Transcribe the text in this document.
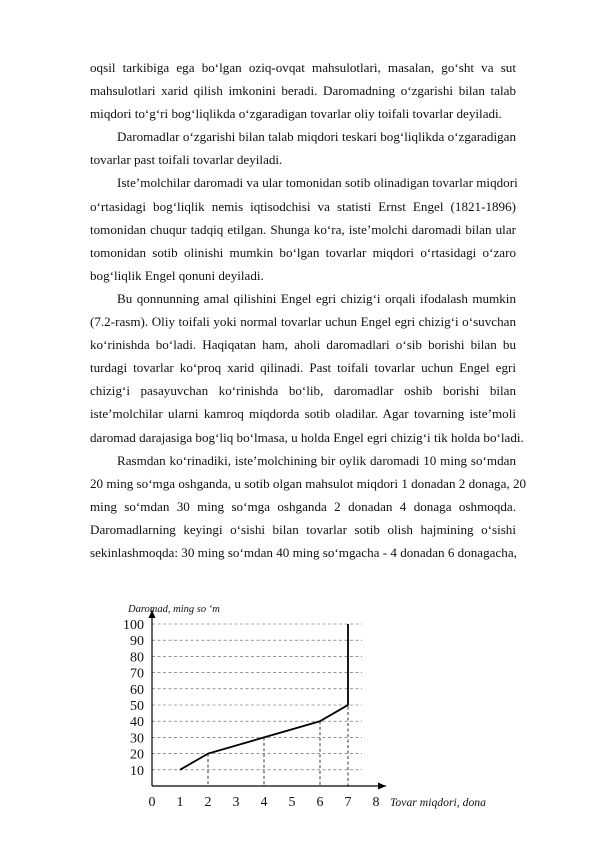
oqsil tarkibiga ega bo‘lgan oziq-ovqat mahsulotlari, masalan, go‘sht va sut
mahsulotlari xarid qilish imkonini beradi. Daromadning o‘zgarishi bilan talab
miqdori to‘g‘ri bog‘liqlikda o‘zgaradigan tovarlar oliy toifali tovarlar deyiladi.
Daromadlar o‘zgarishi bilan talab miqdori teskari bog‘liqlikda o‘zgaradigan
tovarlar past toifali tovarlar deyiladi.
Iste’molchilar daromadi va ular tomonidan sotib olinadigan tovarlar miqdori
o‘rtasidagi bog‘liqlik nemis iqtisodchisi va statisti Ernst Engel (1821-1896)
tomonidan chuqur tadqiq etilgan. Shunga ko‘ra, iste’molchi daromadi bilan ular
tomonidan sotib olinishi mumkin bo‘lgan tovarlar miqdori o‘rtasidagi o‘zaro
bog‘liqlik Engel qonuni deyiladi.
Bu qonnunning amal qilishini Engel egri chizig‘i orqali ifodalash mumkin
(7.2-rasm). Oliy toifali yoki normal tovarlar uchun Engel egri chizig‘i o‘suvchan
ko‘rinishda bo‘ladi. Haqiqatan ham, aholi daromadlari o‘sib borishi bilan bu
turdagi tovarlar ko‘proq xarid qilinadi. Past toifali tovarlar uchun Engel egri
chizig‘i pasayuvchan ko‘rinishda bo‘lib, daromadlar oshib borishi bilan
iste’molchilar ularni kamroq miqdorda sotib oladilar. Agar tovarning iste’moli
daromad darajasiga bog‘liq bo‘lmasa, u holda Engel egri chizig‘i tik holda bo‘ladi.
Rasmdan ko‘rinadiki, iste’molchining bir oylik daromadi 10 ming so‘mdan
20 ming so‘mga oshganda, u sotib olgan mahsulot miqdori 1 donadan 2 donaga, 20
ming so‘mdan 30 ming so‘mga oshganda 2 donadan 4 donaga oshmoqda.
Daromadlarning keyingi o‘sishi bilan tovarlar sotib olish hajmining o‘sishi
sekinlashmoqda: 30 ming so‘mdan 40 ming so‘mgacha - 4 donadan 6 donagacha,
10
20
30
40
50
60
70
80
90
100
0 1 2 3 4 5 6 7 8
Daromad, ming so ‘m
Tovar miqdori, dona
